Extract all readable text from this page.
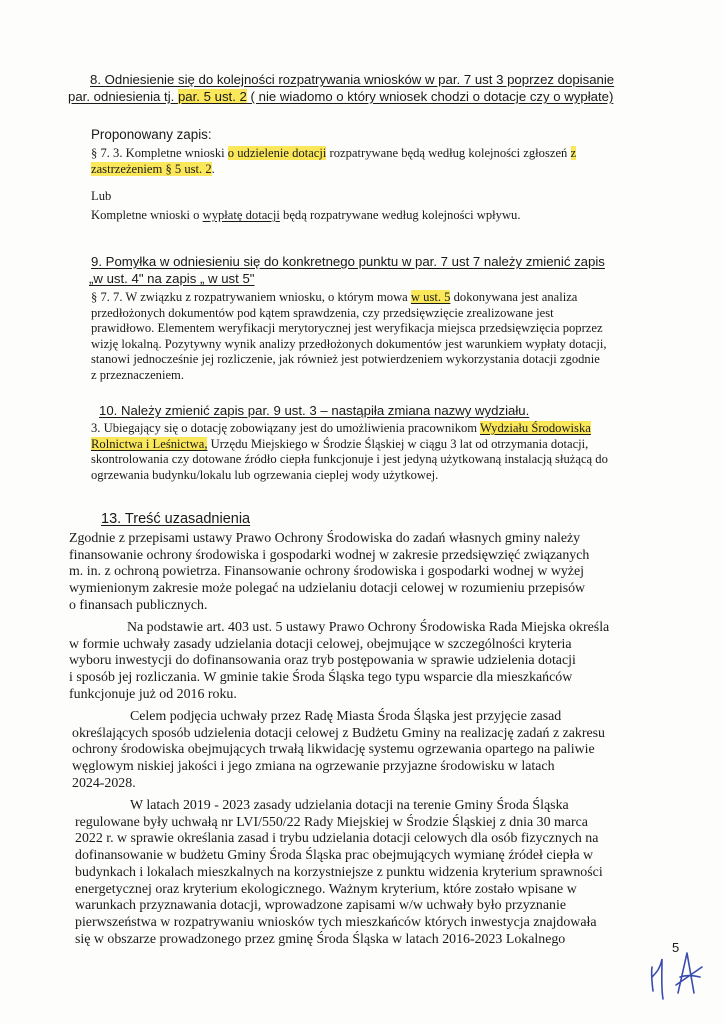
8. Odniesienie się do kolejności rozpatrywania wniosków w par. 7 ust 3 poprzez dopisanie
par. odniesienia tj. par. 5 ust. 2 ( nie wiadomo o który wniosek chodzi o dotacje czy o wypłate)
Proponowany zapis:
§ 7. 3. Kompletne wnioski o udzielenie dotacji rozpatrywane będą według kolejności zgłoszeń z
zastrzeżeniem § 5 ust. 2.
Lub
Kompletne wnioski o wypłatę dotacji będą rozpatrywane według kolejności wpływu.
9. Pomyłka w odniesieniu się do konkretnego punktu w par. 7 ust 7 należy zmienić zapis
„w ust. 4" na zapis „ w ust 5"
§ 7. 7. W związku z rozpatrywaniem wniosku, o którym mowa w ust. 5 dokonywana jest analiza
przedłożonych dokumentów pod kątem sprawdzenia, czy przedsięwzięcie zrealizowane jest
prawidłowo. Elementem weryfikacji merytorycznej jest weryfikacja miejsca przedsięwzięcia poprzez
wizję lokalną. Pozytywny wynik analizy przedłożonych dokumentów jest warunkiem wypłaty dotacji,
stanowi jednocześnie jej rozliczenie, jak również jest potwierdzeniem wykorzystania dotacji zgodnie
z przeznaczeniem.
10. Należy zmienić zapis par. 9 ust. 3 – nastąpiła zmiana nazwy wydziału.
3. Ubiegający się o dotację zobowiązany jest do umożliwienia pracownikom Wydziału Środowiska
Rolnictwa i Leśnictwa, Urzędu Miejskiego w Środzie Śląskiej w ciągu 3 lat od otrzymania dotacji,
skontrolowania czy dotowane źródło ciepła funkcjonuje i jest jedyną użytkowaną instalacją służącą do
ogrzewania budynku/lokalu lub ogrzewania cieplej wody użytkowej.
13. Treść uzasadnienia
Zgodnie z przepisami ustawy Prawo Ochrony Środowiska do zadań własnych gminy należy
finansowanie ochrony środowiska i gospodarki wodnej w zakresie przedsięwzięć związanych
m. in. z ochroną powietrza. Finansowanie ochrony środowiska i gospodarki wodnej w wyżej
wymienionym zakresie może polegać na udzielaniu dotacji celowej w rozumieniu przepisów
o finansach publicznych.
Na podstawie art. 403 ust. 5 ustawy Prawo Ochrony Środowiska Rada Miejska określa
w formie uchwały zasady udzielania dotacji celowej, obejmujące w szczególności kryteria
wyboru inwestycji do dofinansowania oraz tryb postępowania w sprawie udzielenia dotacji
i sposób jej rozliczania. W gminie takie Środa Śląska tego typu wsparcie dla mieszkańców
funkcjonuje już od 2016 roku.
Celem podjęcia uchwały przez Radę Miasta Środa Śląska jest przyjęcie zasad
określających sposób udzielenia dotacji celowej z Budżetu Gminy na realizację zadań z zakresu
ochrony środowiska obejmujących trwałą likwidację systemu ogrzewania opartego na paliwie
węglowym niskiej jakości i jego zmiana na ogrzewanie przyjazne środowisku w latach
2024-2028.
W latach 2019 - 2023 zasady udzielania dotacji na terenie Gminy Środa Śląska
regulowane były uchwałą nr LVI/550/22 Rady Miejskiej w Środzie Śląskiej z dnia 30 marca
2022 r. w sprawie określania zasad i trybu udzielania dotacji celowych dla osób fizycznych na
dofinansowanie w budżetu Gminy Środa Śląska prac obejmujących wymianę źródeł ciepła w
budynkach i lokalach mieszkalnych na korzystniejsze z punktu widzenia kryterium sprawności
energetycznej oraz kryterium ekologicznego. Ważnym kryterium, które zostało wpisane w
warunkach przyznawania dotacji, wprowadzone zapisami w/w uchwały było przyznanie
pierwszeństwa w rozpatrywaniu wniosków tych mieszkańców których inwestycja znajdowała
się w obszarze prowadzonego przez gminę Środa Śląska w latach 2016-2023 Lokalnego
5
